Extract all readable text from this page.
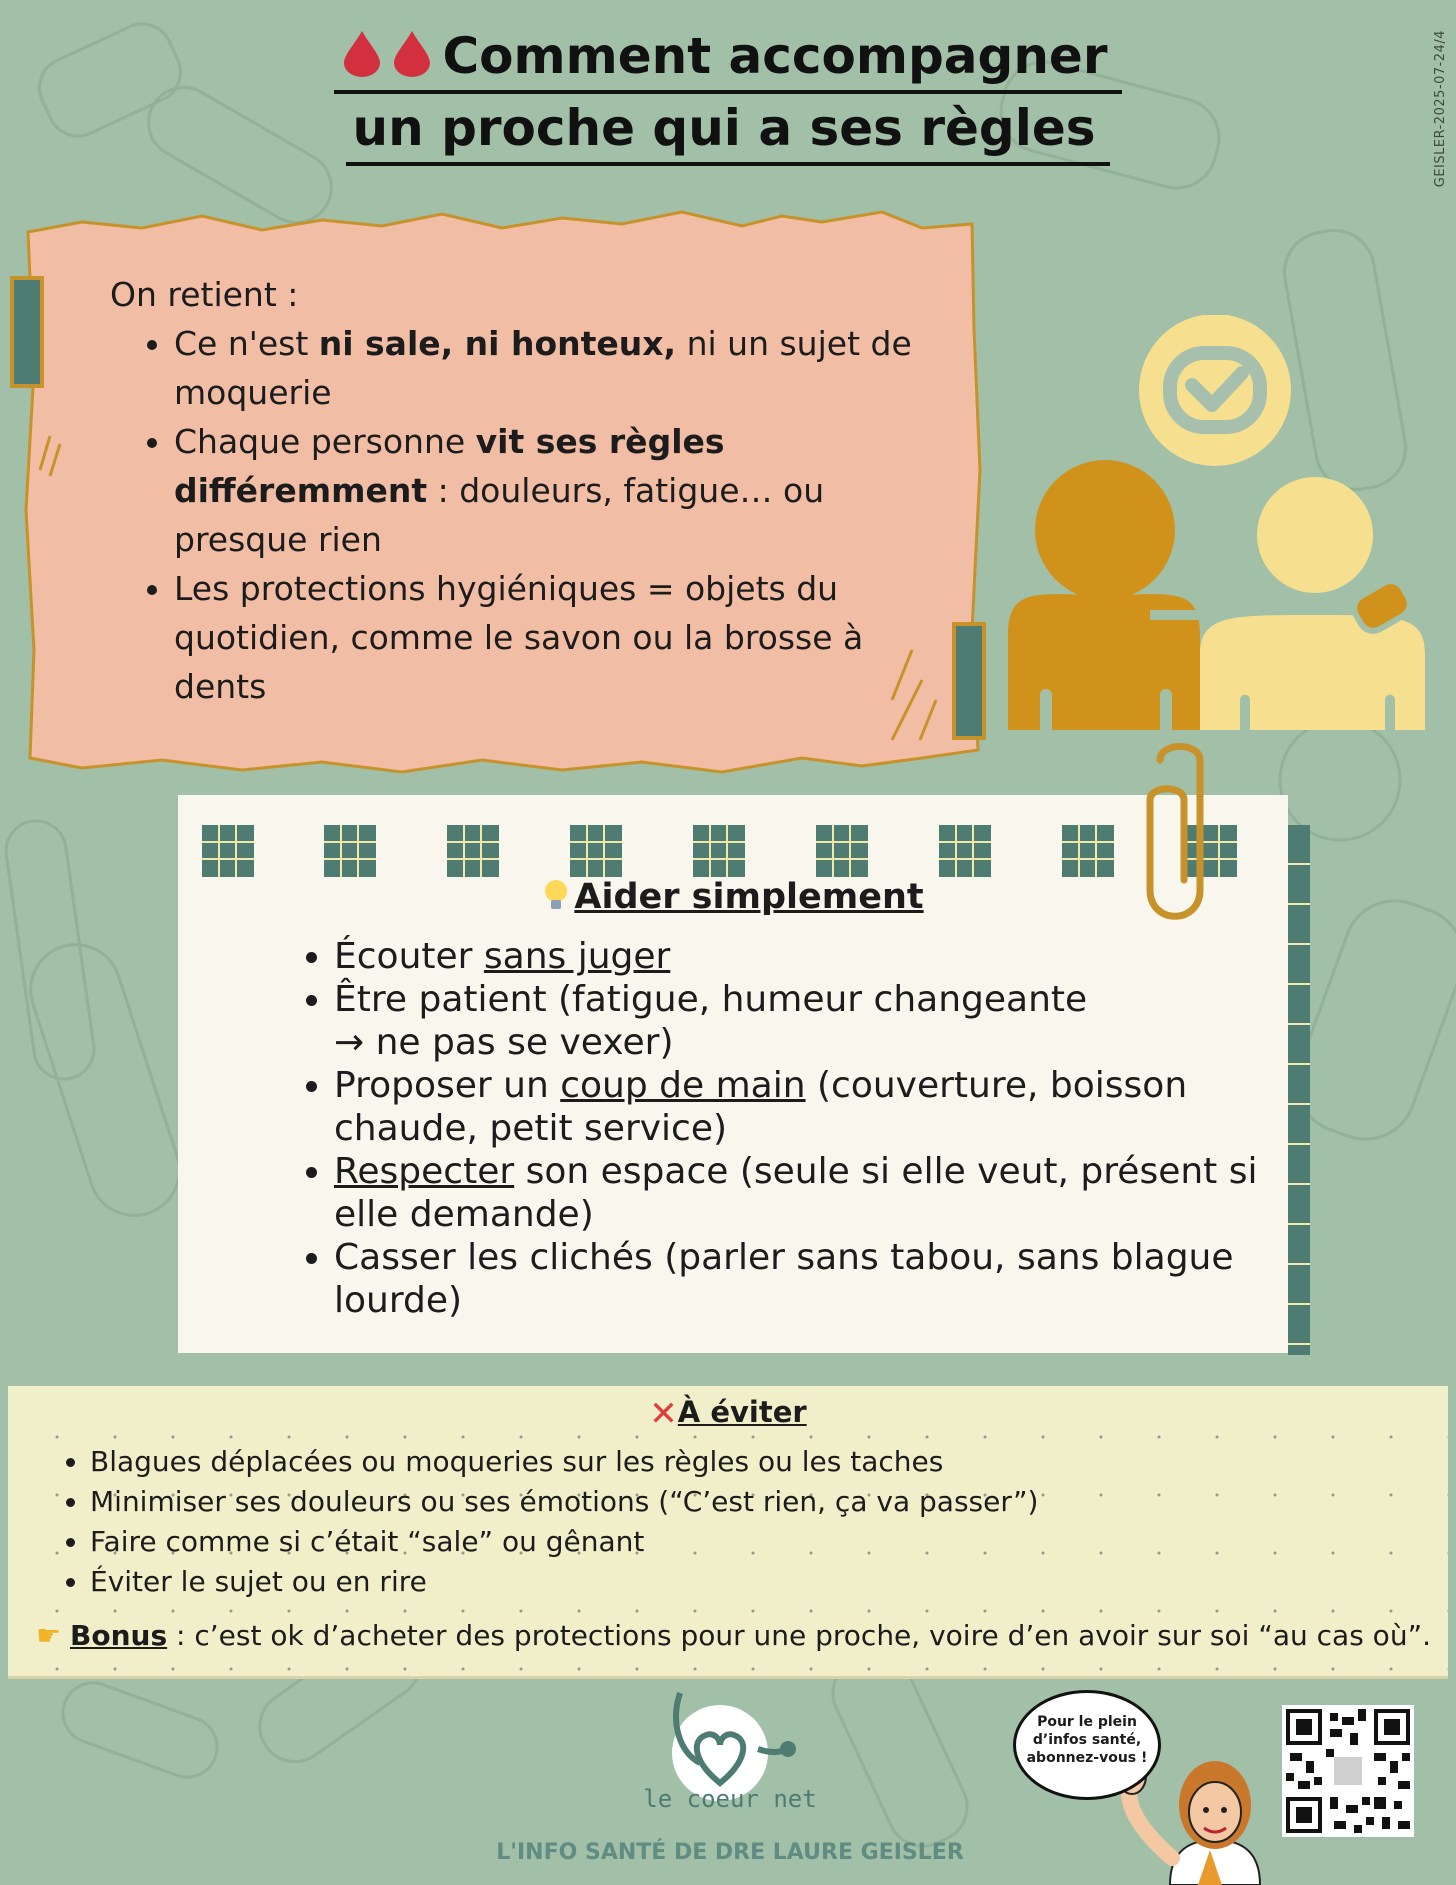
GEISLER-2025-07-24/4
Comment accompagner
un proche qui a ses règles
On retient :
• Ce n'est ni sale, ni honteux, ni un sujet de moquerie
• Chaque personne vit ses règles différemment : douleurs, fatigue… ou presque rien
• Les protections hygiéniques = objets du quotidien, comme le savon ou la brosse à dents
Aider simplement
• Écouter sans juger
• Être patient (fatigue, humeur changeante
→ ne pas se vexer)
• Proposer un coup de main (couverture, boisson chaude, petit service)
• Respecter son espace (seule si elle veut, présent si elle demande)
• Casser les clichés (parler sans tabou, sans blague lourde)
✕À éviter
• Blagues déplacées ou moqueries sur les règles ou les taches
• Minimiser ses douleurs ou ses émotions (“C’est rien, ça va passer”)
• Faire comme si c’était “sale” ou gênant
• Éviter le sujet ou en rire
☛ Bonus : c’est ok d’acheter des protections pour une proche, voire d’en avoir sur soi “au cas où”.
le coeur net
L'INFO SANTÉ DE DRE LAURE GEISLER
Pour le plein
d’infos santé,
abonnez-vous !
